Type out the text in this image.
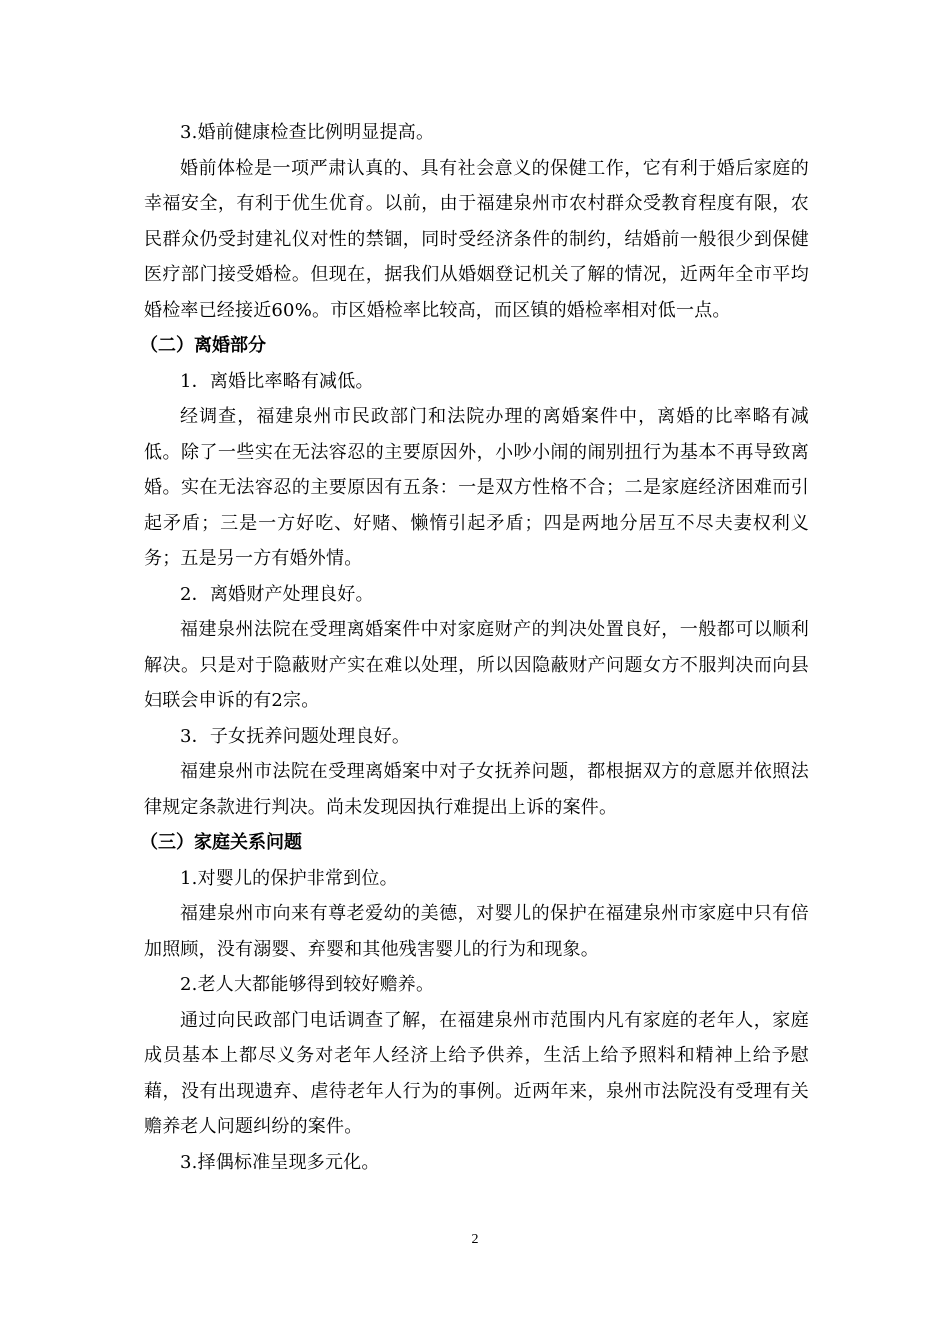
3.婚前健康检查比例明显提高。

婚前体检是一项严肃认真的、具有社会意义的保健工作，它有利于婚后家庭的幸福安全，有利于优生优育。以前，由于福建泉州市农村群众受教育程度有限，农民群众仍受封建礼仪对性的禁锢，同时受经济条件的制约，结婚前一般很少到保健医疗部门接受婚检。但现在，据我们从婚姻登记机关了解的情况，近两年全市平均婚检率已经接近60%。市区婚检率比较高，而区镇的婚检率相对低一点。

（二）离婚部分

1．离婚比率略有减低。

经调查，福建泉州市民政部门和法院办理的离婚案件中，离婚的比率略有减低。除了一些实在无法容忍的主要原因外，小吵小闹的闹别扭行为基本不再导致离婚。实在无法容忍的主要原因有五条：一是双方性格不合；二是家庭经济困难而引起矛盾；三是一方好吃、好赌、懒惰引起矛盾；四是两地分居互不尽夫妻权利义务；五是另一方有婚外情。

2．离婚财产处理良好。

福建泉州法院在受理离婚案件中对家庭财产的判决处置良好，一般都可以顺利解决。只是对于隐蔽财产实在难以处理，所以因隐蔽财产问题女方不服判决而向县妇联会申诉的有2宗。

3．子女抚养问题处理良好。

福建泉州市法院在受理离婚案中对子女抚养问题，都根据双方的意愿并依照法律规定条款进行判决。尚未发现因执行难提出上诉的案件。

（三）家庭关系问题

1.对婴儿的保护非常到位。

福建泉州市向来有尊老爱幼的美德，对婴儿的保护在福建泉州市家庭中只有倍加照顾，没有溺婴、弃婴和其他残害婴儿的行为和现象。

2.老人大都能够得到较好赡养。

通过向民政部门电话调查了解，在福建泉州市范围内凡有家庭的老年人，家庭成员基本上都尽义务对老年人经济上给予供养，生活上给予照料和精神上给予慰藉，没有出现遗弃、虐待老年人行为的事例。近两年来，泉州市法院没有受理有关赡养老人问题纠纷的案件。

3.择偶标准呈现多元化。

2
